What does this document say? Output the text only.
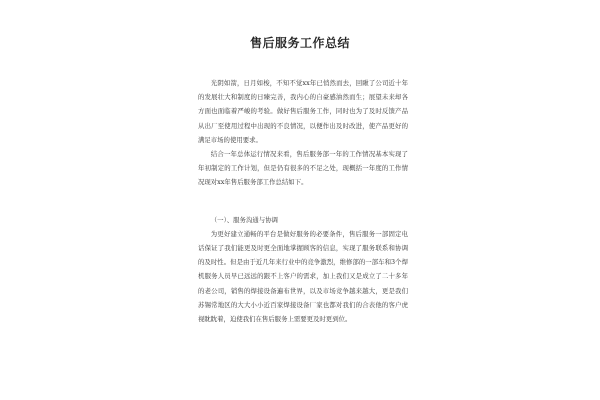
售后服务工作总结

光阴如箭，日月如梭，不知不觉xx年已悄然而去，回瞅了公司近十年的发展壮大和制度的日臻完善，我内心的自豪感油然而生；展望未来却各方面也面临着严峻的考验。做好售后服务工作，同时也为了及时反馈产品从出厂至使用过程中出现的不良情况，以便作出及时改进，使产品更好的满足市场的使用要求。

结合一年总体运行情况来看，售后服务部一年的工作情况基本实现了年初制定的工作计划，但是仍有很多的不足之处，现概括一年度的工作情况现对xx年售后服务部工作总结如下。

（一）、服务沟通与协调

为更好建立通畅的平台是做好服务的必要条件，售后服务一部固定电话保证了我们能更及时更全面地掌握顾客的信息，实现了服务联系和协调的及时性。但是由于近几年来行业中的竞争激烈，维修部的一部车和3个焊机服务人员早已远远的跟不上客户的需求，加上我们又是成立了二十多年的老公司，销售的焊接设备遍布世界，以及市场竞争越来越大，更是我们苏锡常地区的大大小小近百家焊接设备厂家也都对我们的合表他的客户虎视眈眈着，迫使我们在售后服务上需要更及时更到位。
